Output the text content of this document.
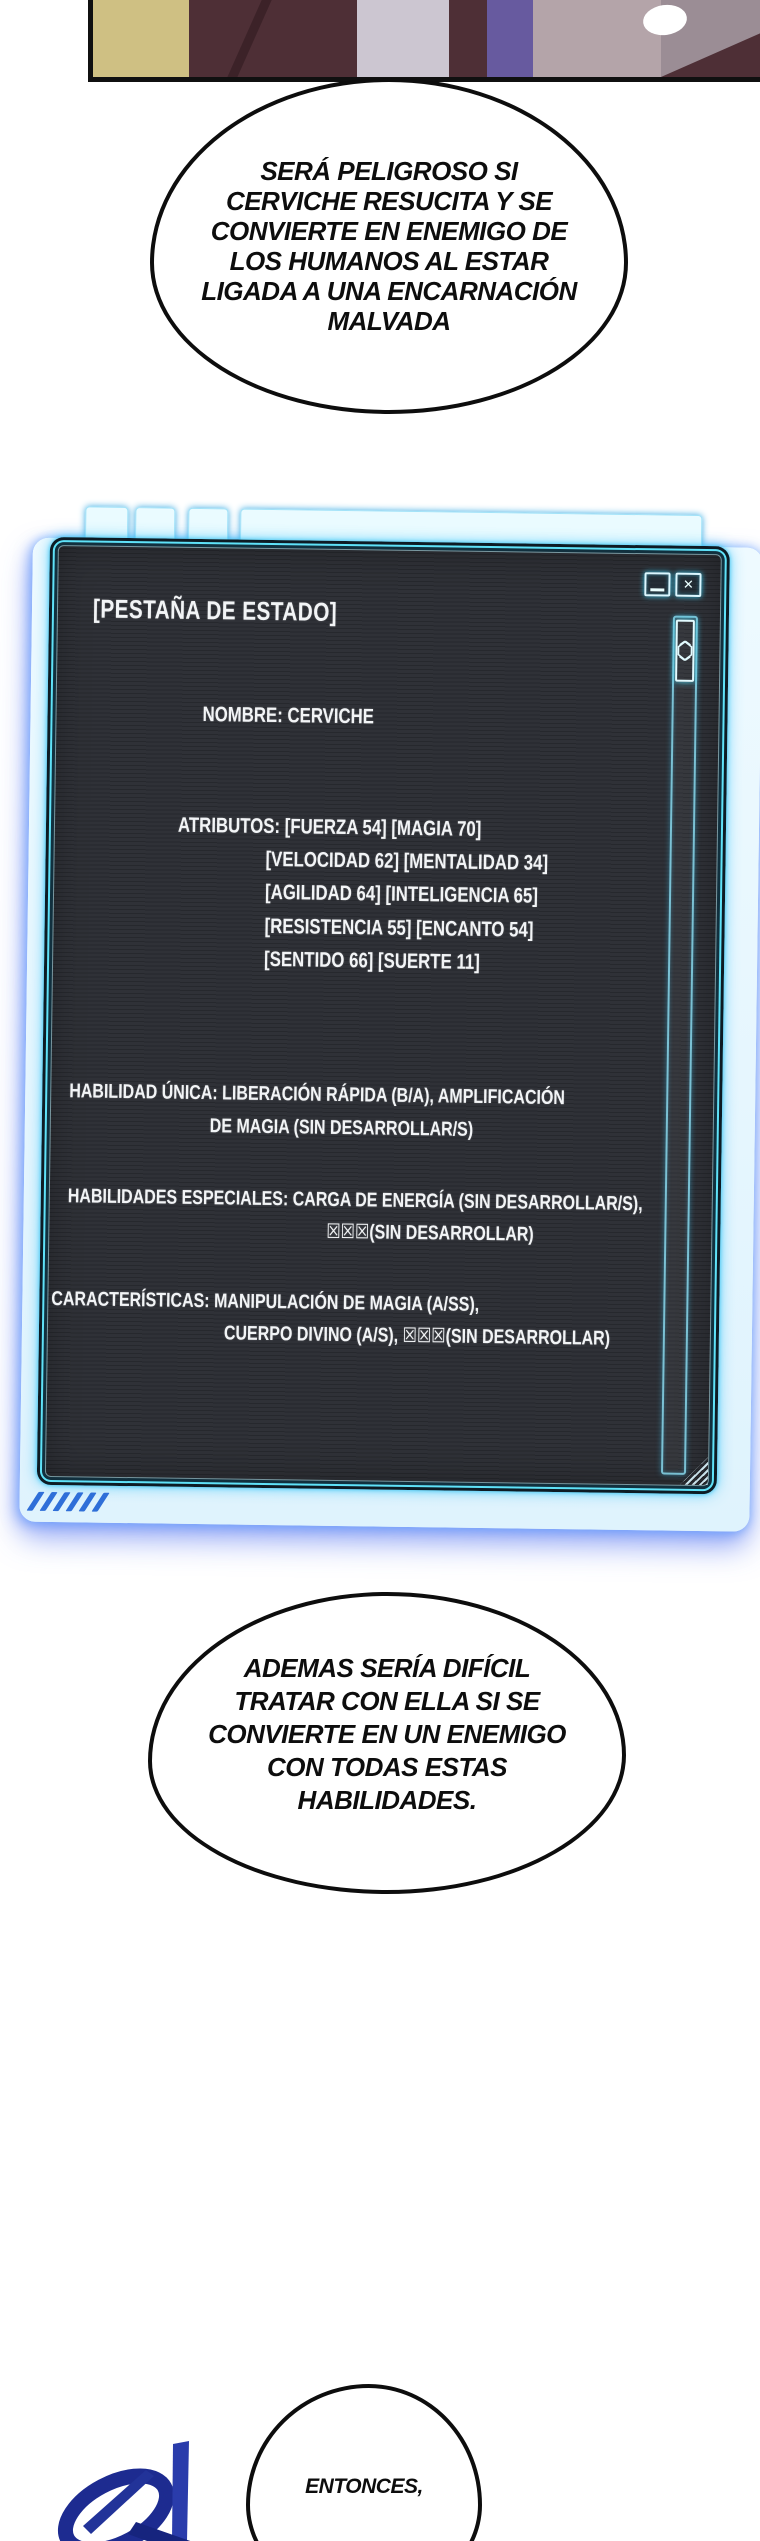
SERÁ PELIGROSO SI
CERVICHE RESUCITA Y SE
CONVIERTE EN ENEMIGO DE
LOS HUMANOS AL ESTAR
LIGADA A UNA ENCARNACIÓN
MALVADA
[PESTAÑA DE ESTADO]
✕
NOMBRE: CERVICHE
ATRIBUTOS: [FUERZA 54] [MAGIA 70]
[VELOCIDAD 62] [MENTALIDAD 34]
[AGILIDAD 64] [INTELIGENCIA 65]
[RESISTENCIA 55] [ENCANTO 54]
[SENTIDO 66] [SUERTE 11]
HABILIDAD ÚNICA: LIBERACIÓN RÁPIDA (B/A), AMPLIFICACIÓN
DE MAGIA (SIN DESARROLLAR/S)
HABILIDADES ESPECIALES: CARGA DE ENERGÍA (SIN DESARROLLAR/S),
☒☒☒(SIN DESARROLLAR)
CARACTERÍSTICAS: MANIPULACIÓN DE MAGIA (A/SS),
CUERPO DIVINO (A/S), ☒☒☒(SIN DESARROLLAR)
ADEMAS SERÍA DIFÍCIL
TRATAR CON ELLA SI SE
CONVIERTE EN UN ENEMIGO
CON TODAS ESTAS
HABILIDADES.
ENTONCES,
